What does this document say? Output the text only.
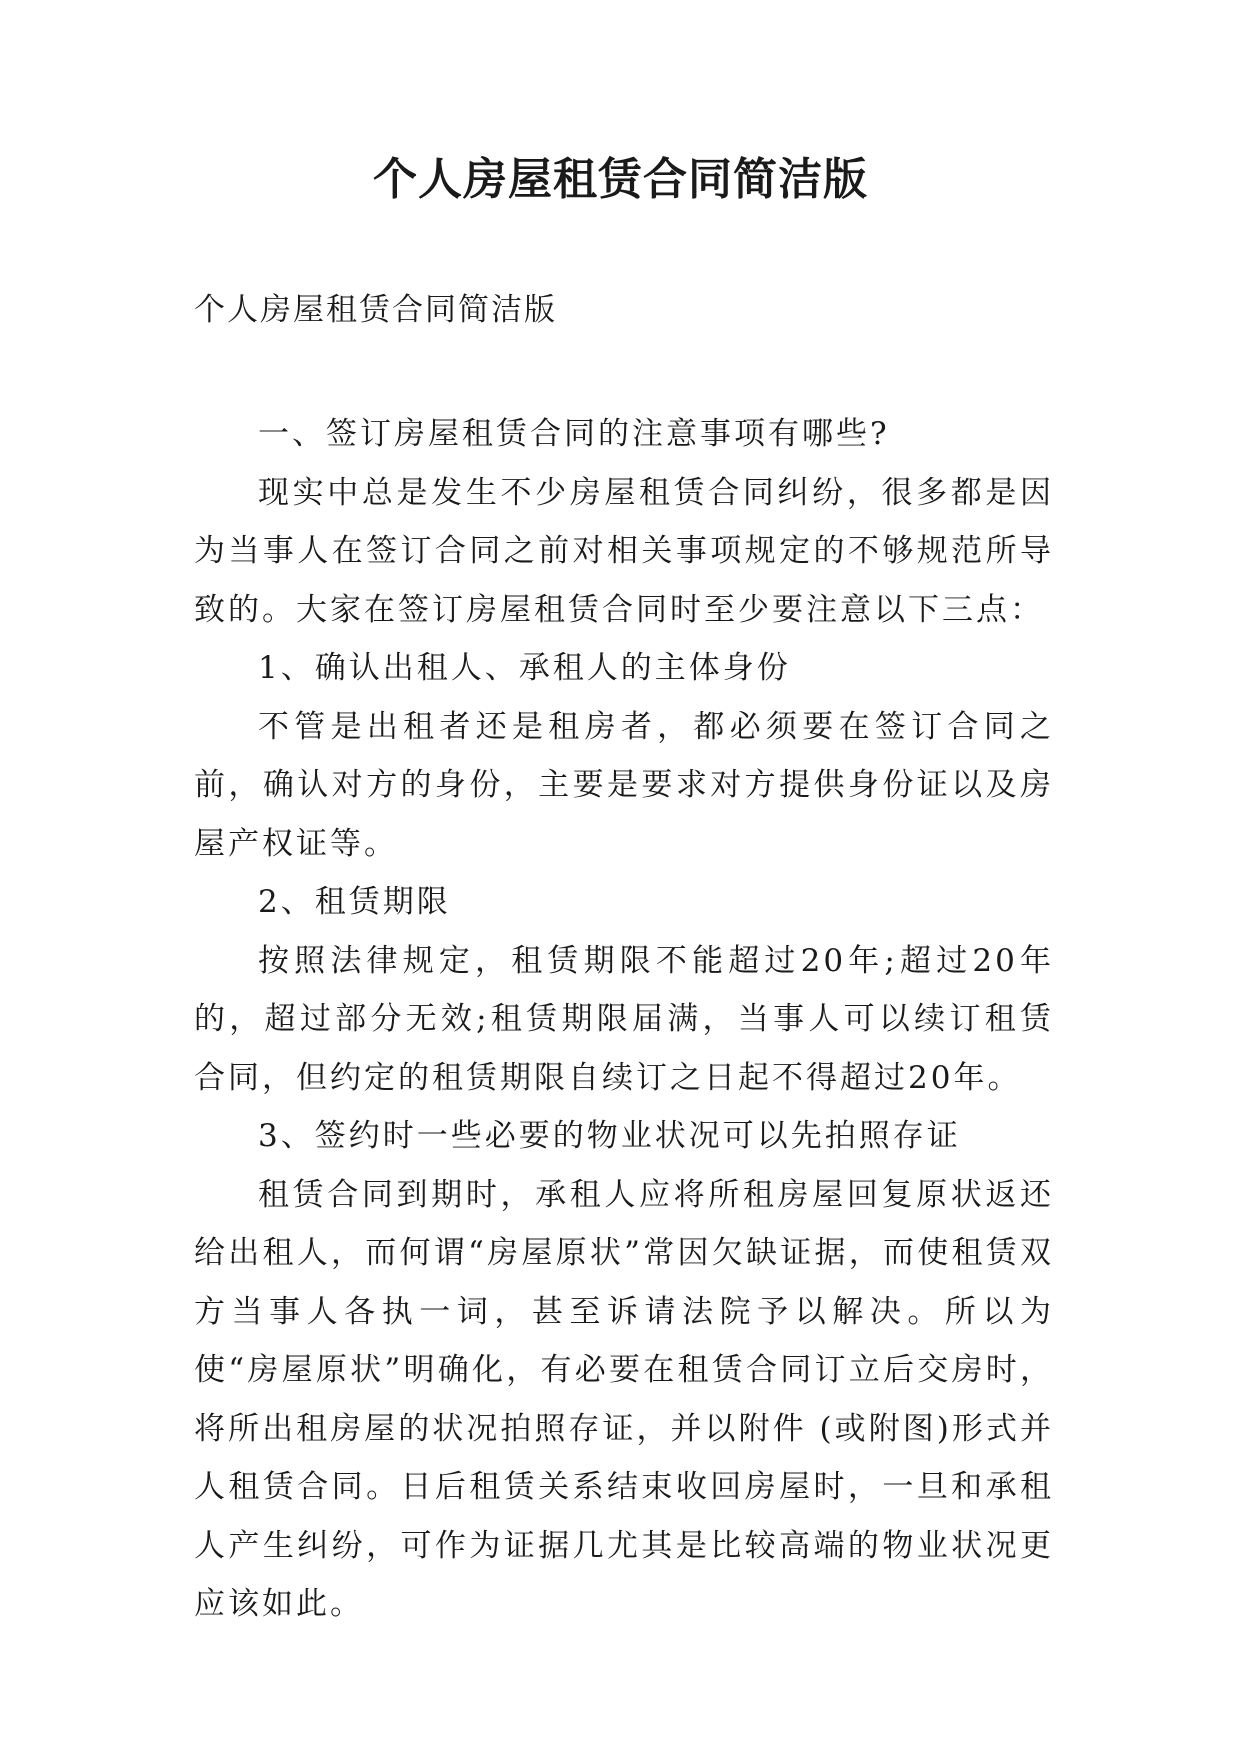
个人房屋租赁合同简洁版

个人房屋租赁合同简洁版

一、签订房屋租赁合同的注意事项有哪些?

现实中总是发生不少房屋租赁合同纠纷，很多都是因为当事人在签订合同之前对相关事项规定的不够规范所导致的。大家在签订房屋租赁合同时至少要注意以下三点：

1、确认出租人、承租人的主体身份

不管是出租者还是租房者，都必须要在签订合同之前，确认对方的身份，主要是要求对方提供身份证以及房屋产权证等。

2、租赁期限

按照法律规定，租赁期限不能超过20年;超过20年的，超过部分无效;租赁期限届满，当事人可以续订租赁合同，但约定的租赁期限自续订之日起不得超过20年。

3、签约时一些必要的物业状况可以先拍照存证

租赁合同到期时，承租人应将所租房屋回复原状返还给出租人，而何谓“房屋原状”常因欠缺证据，而使租赁双方当事人各执一词，甚至诉请法院予以解决。所以为使“房屋原状”明确化，有必要在租赁合同订立后交房时，将所出租房屋的状况拍照存证，并以附件 (或附图)形式并人租赁合同。日后租赁关系结束收回房屋时，一旦和承租人产生纠纷，可作为证据几尤其是比较高端的物业状况更应该如此。
